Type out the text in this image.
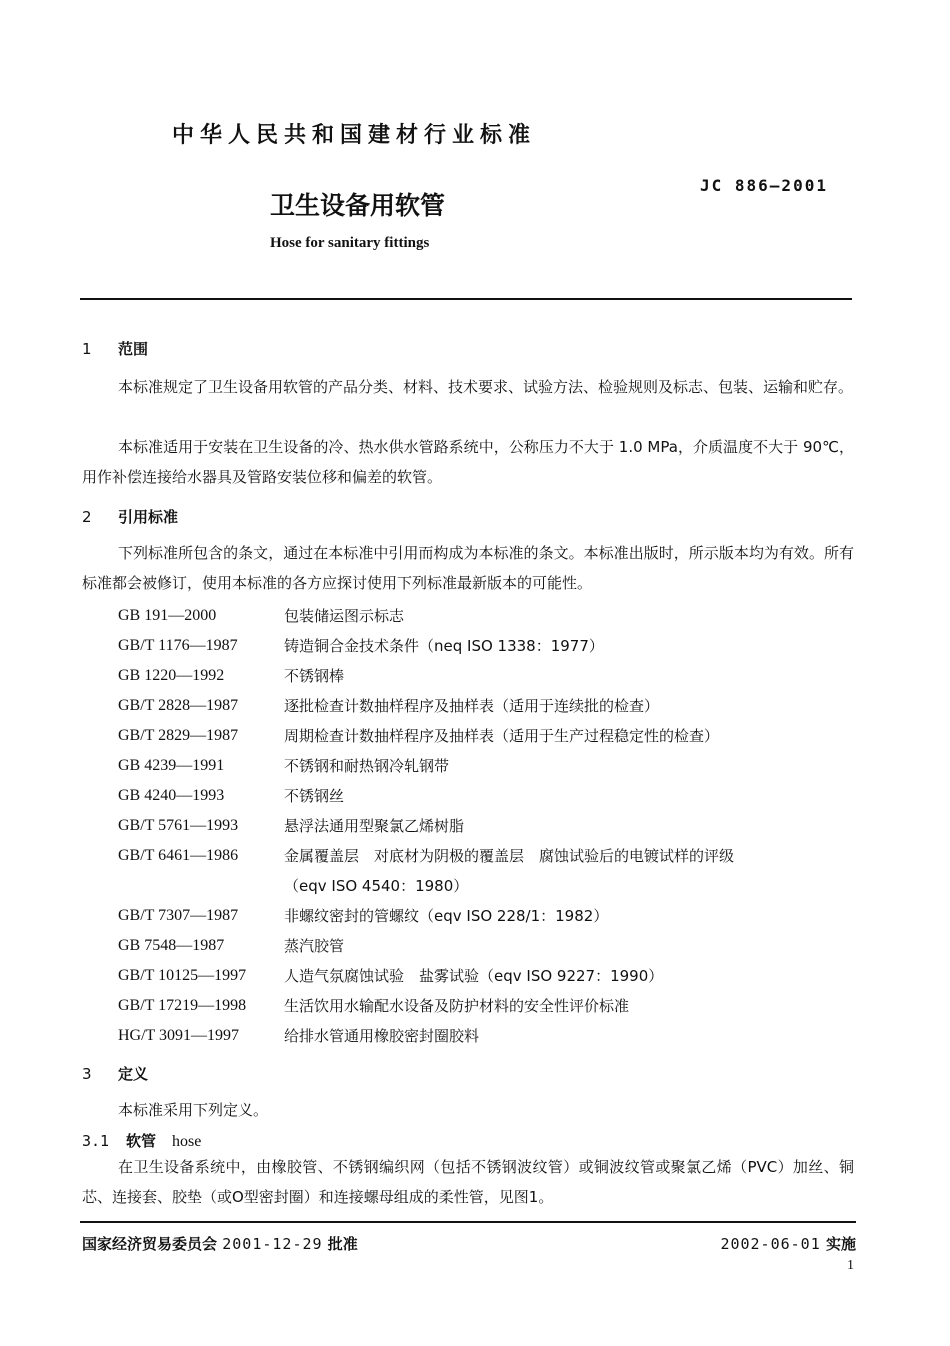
中华人民共和国建材行业标准
JC 886—2001
卫生设备用软管
Hose for sanitary fittings
1 范围
本标准规定了卫生设备用软管的产品分类、材料、技术要求、试验方法、检验规则及标志、包装、运输和贮存。
本标准适用于安装在卫生设备的冷、热水供水管路系统中，公称压力不大于 1.0 MPa，介质温度不大于 90℃，用作补偿连接给水器具及管路安装位移和偏差的软管。
2 引用标准
下列标准所包含的条文，通过在本标准中引用而构成为本标准的条文。本标准出版时，所示版本均为有效。所有标准都会被修订，使用本标准的各方应探讨使用下列标准最新版本的可能性。
GB 191—2000	包装储运图示标志
GB/T 1176—1987	铸造铜合金技术条件（neq ISO 1338：1977）
GB 1220—1992	不锈钢棒
GB/T 2828—1987	逐批检查计数抽样程序及抽样表（适用于连续批的检查）
GB/T 2829—1987	周期检查计数抽样程序及抽样表（适用于生产过程稳定性的检查）
GB 4239—1991	不锈钢和耐热钢冷轧钢带
GB 4240—1993	不锈钢丝
GB/T 5761—1993	悬浮法通用型聚氯乙烯树脂
GB/T 6461—1986	金属覆盖层　对底材为阴极的覆盖层　腐蚀试验后的电镀试样的评级
（eqv ISO 4540：1980）
GB/T 7307—1987	非螺纹密封的管螺纹（eqv ISO 228/1：1982）
GB 7548—1987	蒸汽胶管
GB/T 10125—1997	人造气氛腐蚀试验　盐雾试验（eqv ISO 9227：1990）
GB/T 17219—1998	生活饮用水输配水设备及防护材料的安全性评价标准
HG/T 3091—1997	给排水管通用橡胶密封圈胶料
3 定义
本标准采用下列定义。
3.1 软管 hose
在卫生设备系统中，由橡胶管、不锈钢编织网（包括不锈钢波纹管）或铜波纹管或聚氯乙烯（PVC）加丝、铜芯、连接套、胶垫（或O型密封圈）和连接螺母组成的柔性管，见图1。
国家经济贸易委员会 2001-12-29 批准	2002-06-01 实施
1
